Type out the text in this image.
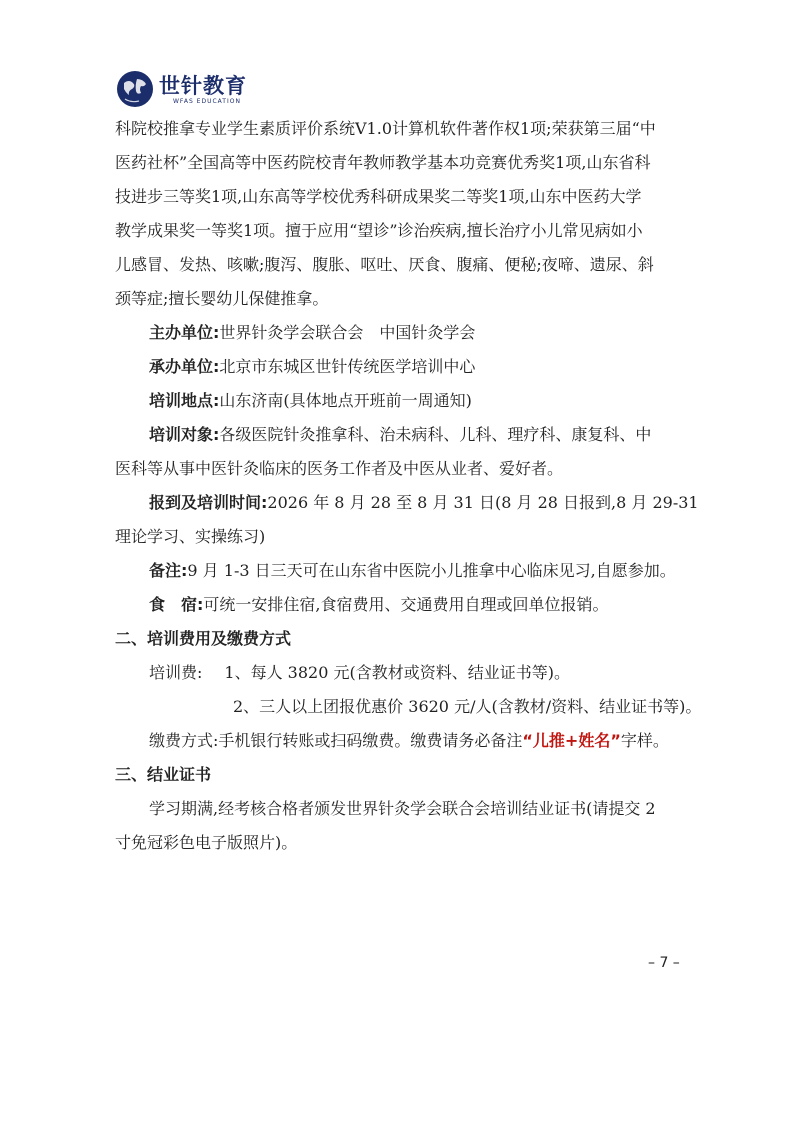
世针教育
WFAS EDUCATION
科院校推拿专业学生素质评价系统V1.0计算机软件著作权1项;荣获第三届“中
医药社杯”全国高等中医药院校青年教师教学基本功竞赛优秀奖1项,山东省科
技进步三等奖1项,山东高等学校优秀科研成果奖二等奖1项,山东中医药大学
教学成果奖一等奖1项。擅于应用“望诊”诊治疾病,擅长治疗小儿常见病如小
儿感冒、发热、咳嗽;腹泻、腹胀、呕吐、厌食、腹痛、便秘;夜啼、遗尿、斜
颈等症;擅长婴幼儿保健推拿。
主办单位:世界针灸学会联合会　中国针灸学会
承办单位:北京市东城区世针传统医学培训中心
培训地点:山东济南(具体地点开班前一周通知)
培训对象:各级医院针灸推拿科、治未病科、儿科、理疗科、康复科、中
医科等从事中医针灸临床的医务工作者及中医从业者、爱好者。
报到及培训时间:2026 年 8 月 28 至 8 月 31 日(8 月 28 日报到,8 月 29-31
理论学习、实操练习)
备注:9 月 1-3 日三天可在山东省中医院小儿推拿中心临床见习,自愿参加。
食　宿:可统一安排住宿,食宿费用、交通费用自理或回单位报销。
二、培训费用及缴费方式
培训费: 1、每人 3820 元(含教材或资料、结业证书等)。
2、三人以上团报优惠价 3620 元/人(含教材/资料、结业证书等)。
缴费方式:手机银行转账或扫码缴费。缴费请务必备注“儿推+姓名”字样。
三、结业证书
学习期满,经考核合格者颁发世界针灸学会联合会培训结业证书(请提交 2
寸免冠彩色电子版照片)。
– 7 –
